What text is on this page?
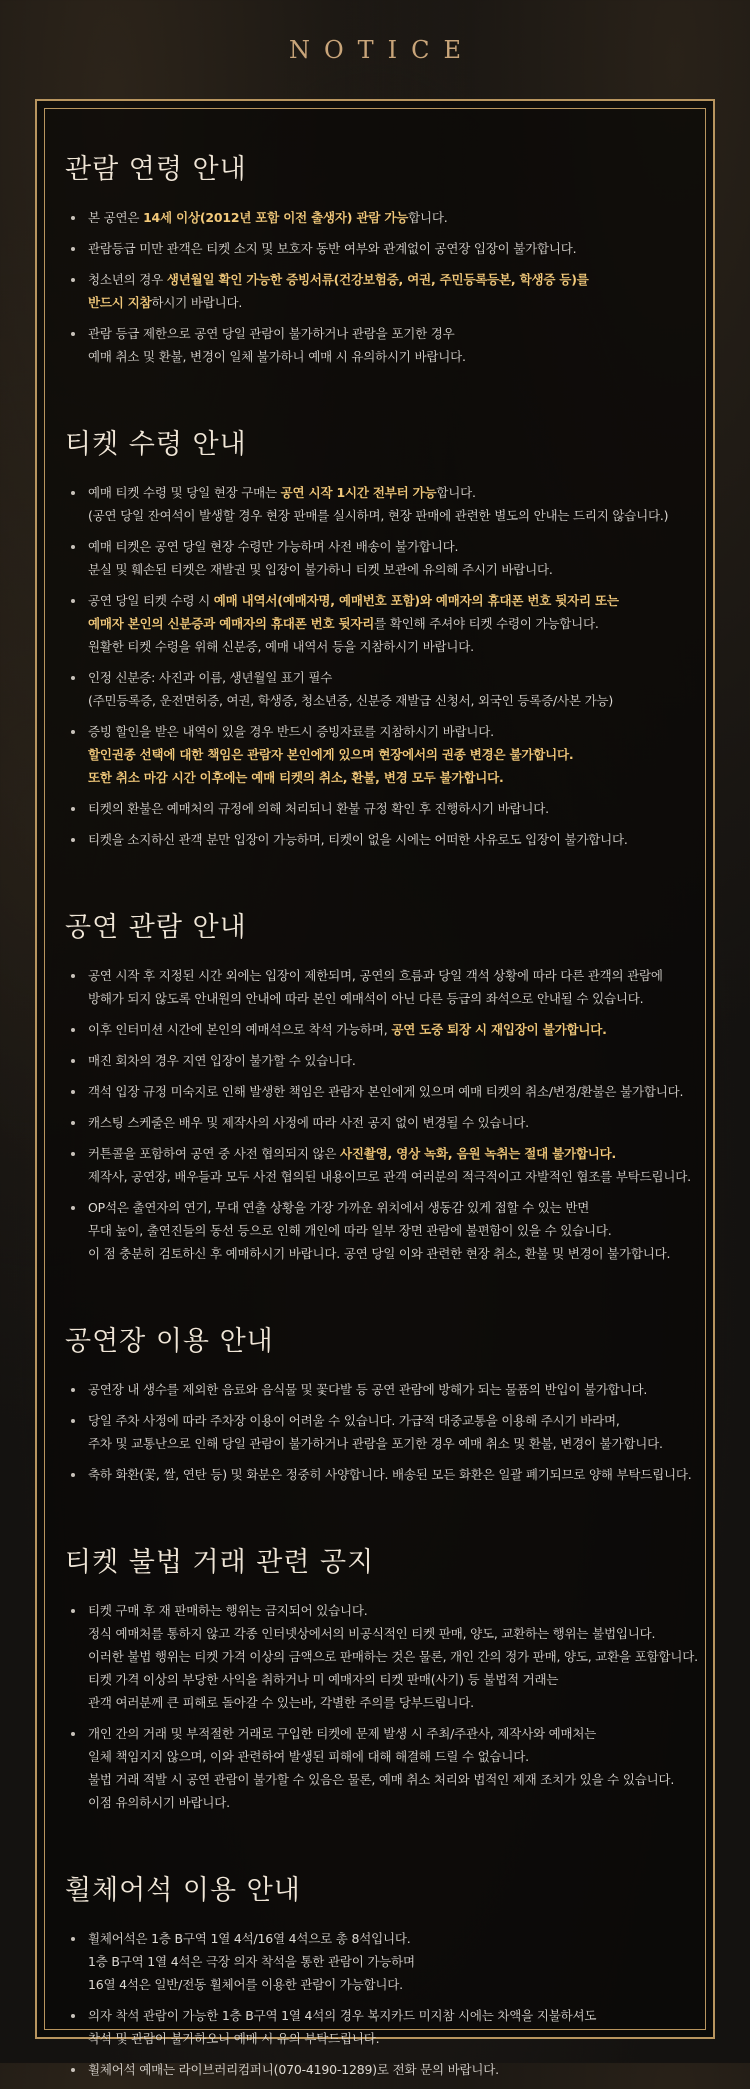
NOTICE
관람 연령 안내
본 공연은 14세 이상(2012년 포함 이전 출생자) 관람 가능합니다.
관람등급 미만 관객은 티켓 소지 및 보호자 동반 여부와 관계없이 공연장 입장이 불가합니다.
청소년의 경우 생년월일 확인 가능한 증빙서류(건강보험증, 여권, 주민등록등본, 학생증 등)를
반드시 지참하시기 바랍니다.
관람 등급 제한으로 공연 당일 관람이 불가하거나 관람을 포기한 경우
예매 취소 및 환불, 변경이 일체 불가하니 예매 시 유의하시기 바랍니다.
티켓 수령 안내
예매 티켓 수령 및 당일 현장 구매는 공연 시작 1시간 전부터 가능합니다.
(공연 당일 잔여석이 발생할 경우 현장 판매를 실시하며, 현장 판매에 관련한 별도의 안내는 드리지 않습니다.)
예매 티켓은 공연 당일 현장 수령만 가능하며 사전 배송이 불가합니다.
분실 및 훼손된 티켓은 재발권 및 입장이 불가하니 티켓 보관에 유의해 주시기 바랍니다.
공연 당일 티켓 수령 시 예매 내역서(예매자명, 예매번호 포함)와 예매자의 휴대폰 번호 뒷자리 또는
예매자 본인의 신분증과 예매자의 휴대폰 번호 뒷자리를 확인해 주셔야 티켓 수령이 가능합니다.
원활한 티켓 수령을 위해 신분증, 예매 내역서 등을 지참하시기 바랍니다.
인정 신분증: 사진과 이름, 생년월일 표기 필수
(주민등록증, 운전면허증, 여권, 학생증, 청소년증, 신분증 재발급 신청서, 외국인 등록증/사본 가능)
증빙 할인을 받은 내역이 있을 경우 반드시 증빙자료를 지참하시기 바랍니다.
할인권종 선택에 대한 책임은 관람자 본인에게 있으며 현장에서의 권종 변경은 불가합니다.
또한 취소 마감 시간 이후에는 예매 티켓의 취소, 환불, 변경 모두 불가합니다.
티켓의 환불은 예매처의 규정에 의해 처리되니 환불 규정 확인 후 진행하시기 바랍니다.
티켓을 소지하신 관객 분만 입장이 가능하며, 티켓이 없을 시에는 어떠한 사유로도 입장이 불가합니다.
공연 관람 안내
공연 시작 후 지정된 시간 외에는 입장이 제한되며, 공연의 흐름과 당일 객석 상황에 따라 다른 관객의 관람에
방해가 되지 않도록 안내원의 안내에 따라 본인 예매석이 아닌 다른 등급의 좌석으로 안내될 수 있습니다.
이후 인터미션 시간에 본인의 예매석으로 착석 가능하며, 공연 도중 퇴장 시 재입장이 불가합니다.
매진 회차의 경우 지연 입장이 불가할 수 있습니다.
객석 입장 규정 미숙지로 인해 발생한 책임은 관람자 본인에게 있으며 예매 티켓의 취소/변경/환불은 불가합니다.
캐스팅 스케줄은 배우 및 제작사의 사정에 따라 사전 공지 없이 변경될 수 있습니다.
커튼콜을 포함하여 공연 중 사전 협의되지 않은 사진촬영, 영상 녹화, 음원 녹취는 절대 불가합니다.
제작사, 공연장, 배우들과 모두 사전 협의된 내용이므로 관객 여러분의 적극적이고 자발적인 협조를 부탁드립니다.
OP석은 출연자의 연기, 무대 연출 상황을 가장 가까운 위치에서 생동감 있게 접할 수 있는 반면
무대 높이, 출연진들의 동선 등으로 인해 개인에 따라 일부 장면 관람에 불편함이 있을 수 있습니다.
이 점 충분히 검토하신 후 예매하시기 바랍니다. 공연 당일 이와 관련한 현장 취소, 환불 및 변경이 불가합니다.
공연장 이용 안내
공연장 내 생수를 제외한 음료와 음식물 및 꽃다발 등 공연 관람에 방해가 되는 물품의 반입이 불가합니다.
당일 주차 사정에 따라 주차장 이용이 어려울 수 있습니다. 가급적 대중교통을 이용해 주시기 바라며,
주차 및 교통난으로 인해 당일 관람이 불가하거나 관람을 포기한 경우 예매 취소 및 환불, 변경이 불가합니다.
축하 화환(꽃, 쌀, 연탄 등) 및 화분은 정중히 사양합니다. 배송된 모든 화환은 일괄 폐기되므로 양해 부탁드립니다.
티켓 불법 거래 관련 공지
티켓 구매 후 재 판매하는 행위는 금지되어 있습니다.
정식 예매처를 통하지 않고 각종 인터넷상에서의 비공식적인 티켓 판매, 양도, 교환하는 행위는 불법입니다.
이러한 불법 행위는 티켓 가격 이상의 금액으로 판매하는 것은 물론, 개인 간의 정가 판매, 양도, 교환을 포함합니다.
티켓 가격 이상의 부당한 사익을 취하거나 미 예매자의 티켓 판매(사기) 등 불법적 거래는
관객 여러분께 큰 피해로 돌아갈 수 있는바, 각별한 주의를 당부드립니다.
개인 간의 거래 및 부적절한 거래로 구입한 티켓에 문제 발생 시 주최/주관사, 제작사와 예매처는
일체 책임지지 않으며, 이와 관련하여 발생된 피해에 대해 해결해 드릴 수 없습니다.
불법 거래 적발 시 공연 관람이 불가할 수 있음은 물론, 예매 취소 처리와 법적인 제재 조치가 있을 수 있습니다.
이점 유의하시기 바랍니다.
휠체어석 이용 안내
휠체어석은 1층 B구역 1열 4석/16열 4석으로 총 8석입니다.
1층 B구역 1열 4석은 극장 의자 착석을 통한 관람이 가능하며
16열 4석은 일반/전동 휠체어를 이용한 관람이 가능합니다.
의자 착석 관람이 가능한 1층 B구역 1열 4석의 경우 복지카드 미지참 시에는 차액을 지불하셔도
착석 및 관람이 불가하오니 예매 시 유의 부탁드립니다.
휠체어석 예매는 라이브러리컴퍼니(070-4190-1289)로 전화 문의 바랍니다.
